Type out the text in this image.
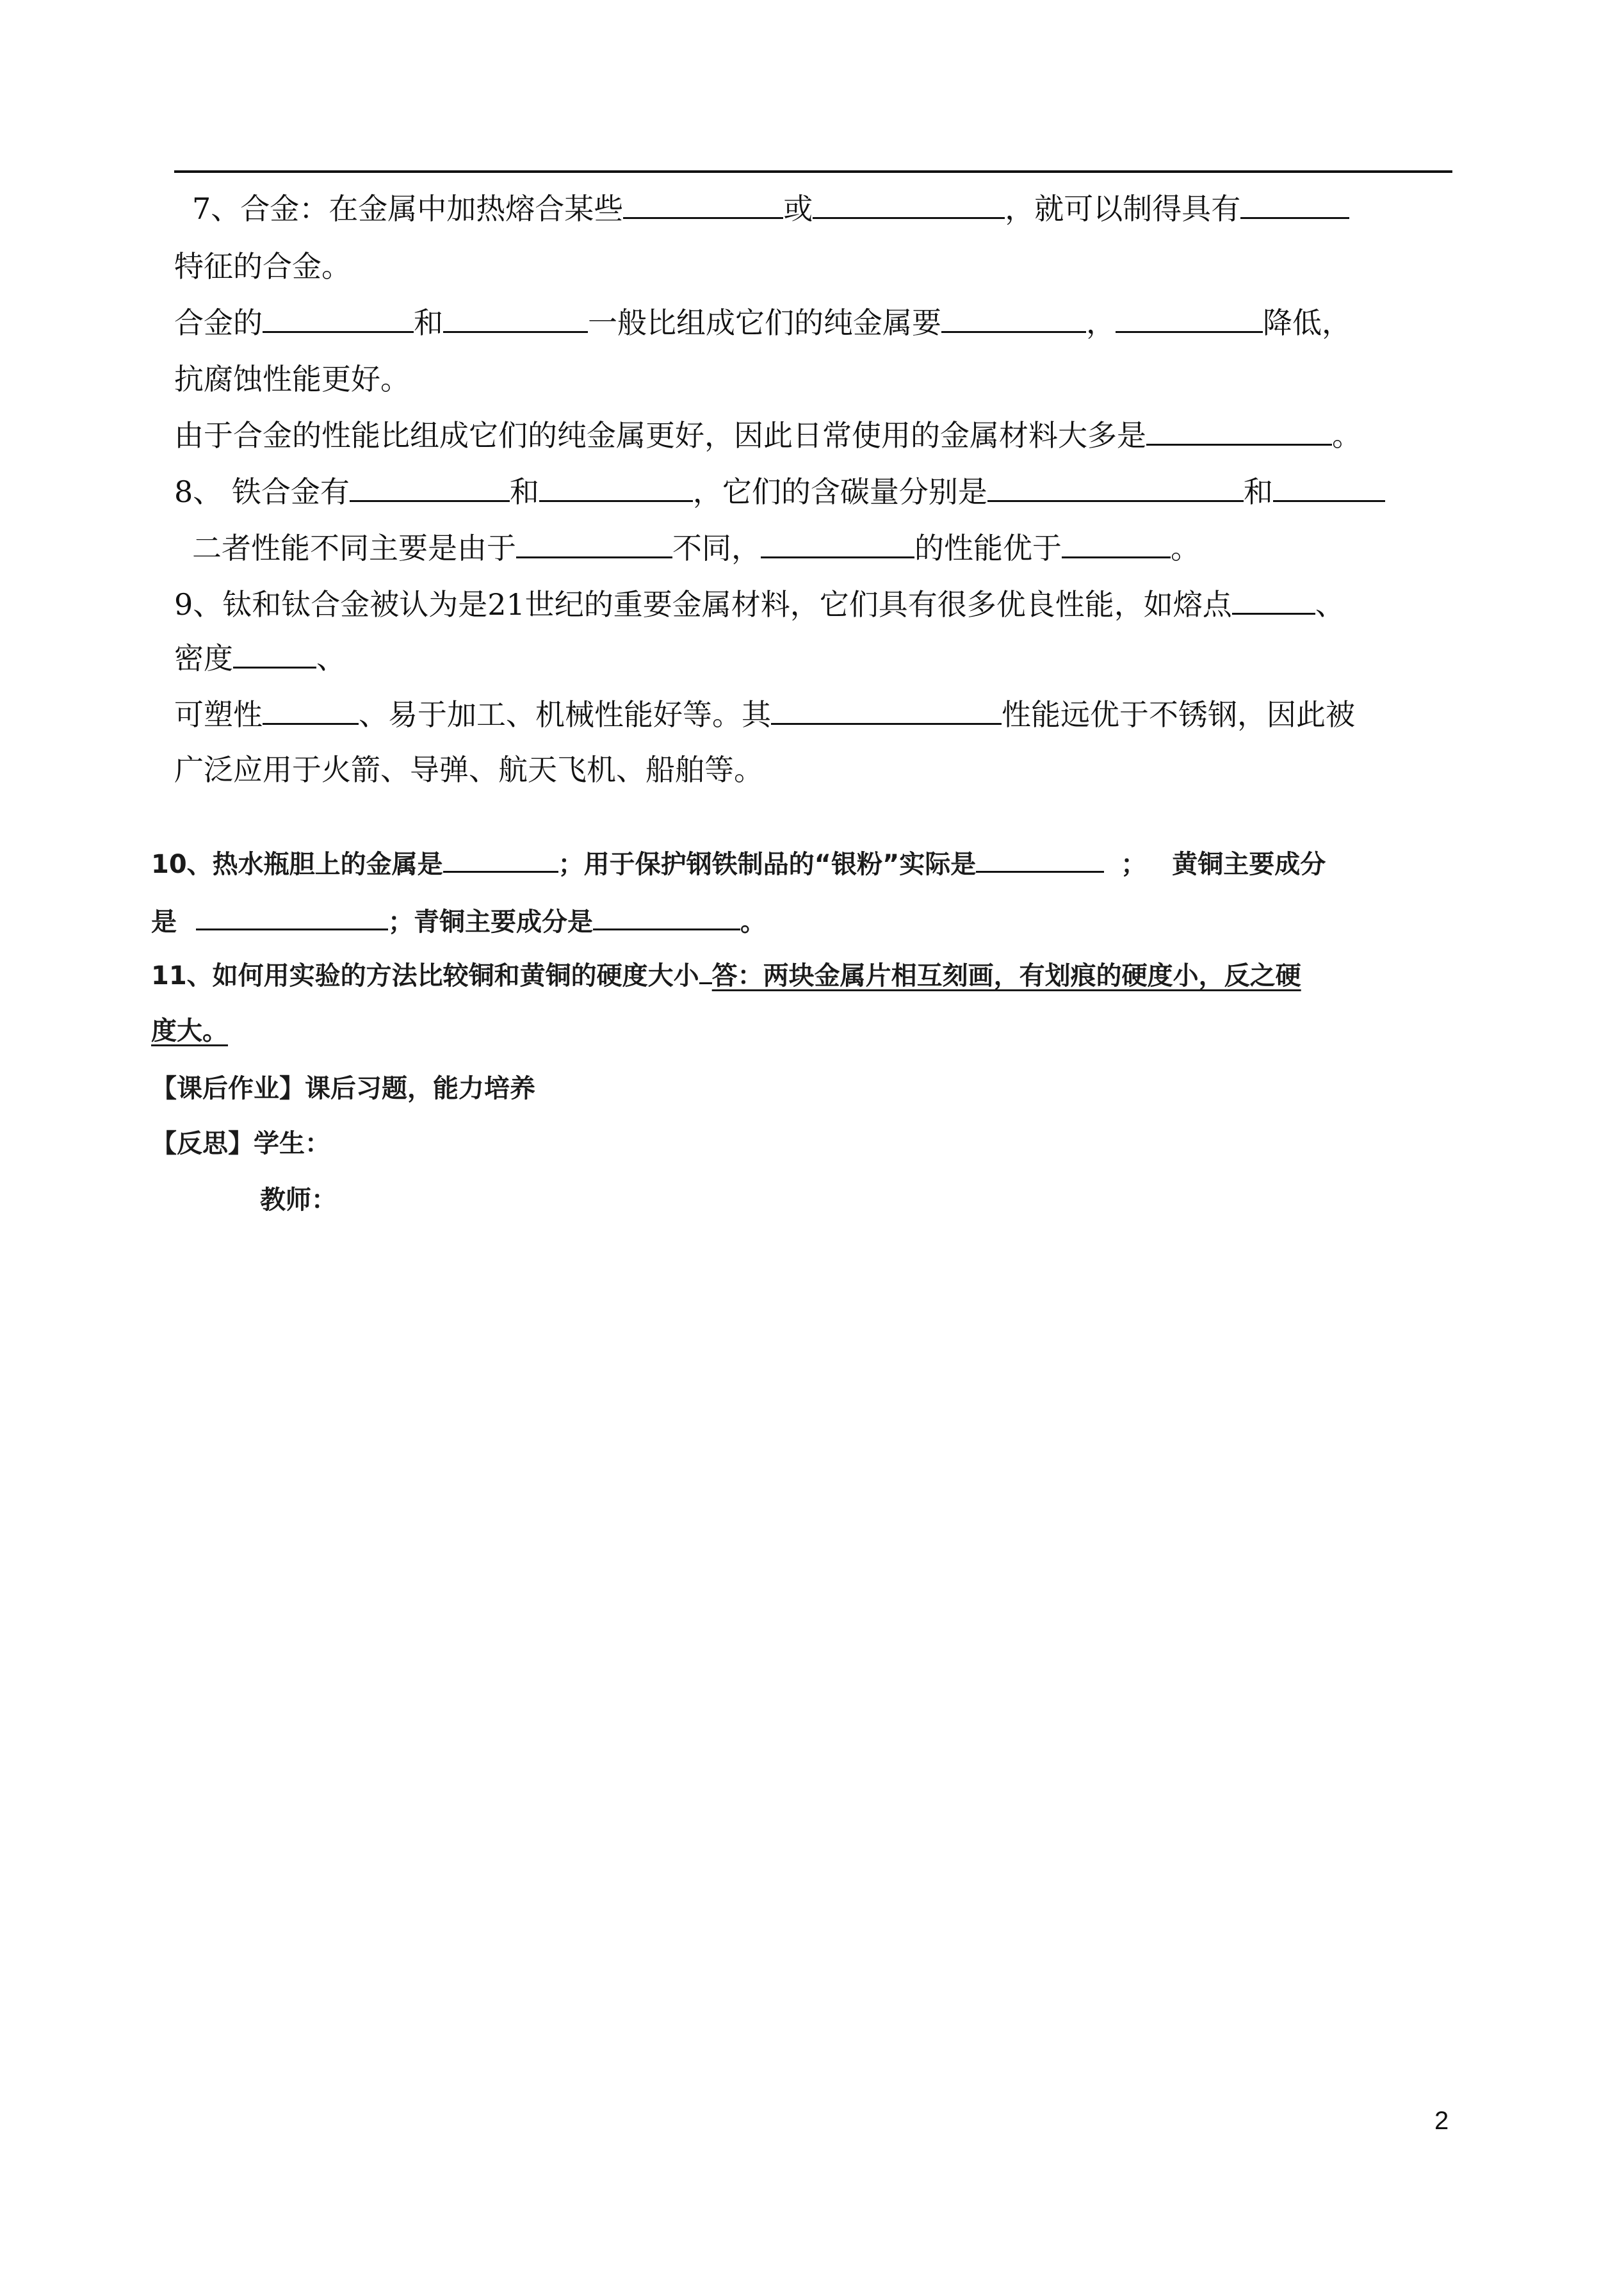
7、合金：在金属中加热熔合某些	或	，就可以制得具有
特征的合金。
合金的	和	一般比组成它们的纯金属要	，	降低，
抗腐蚀性能更好。
由于合金的性能比组成它们的纯金属更好，因此日常使用的金属材料大多是	。
8、 铁合金有	和	，它们的含碳量分别是	和
二者性能不同主要是由于	不同，	的性能优于	。
9、钛和钛合金被认为是21世纪的重要金属材料，它们具有很多优良性能，如熔点	、
密度	、
可塑性	、易于加工、机械性能好等。其	性能远优于不锈钢，因此被
广泛应用于火箭、导弹、航天飞机、船舶等。
10、热水瓶胆上的金属是	；用于保护钢铁制品的“银粉”实际是	； 黄铜主要成分
是	；青铜主要成分是	。
11、如何用实验的方法比较铜和黄铜的硬度大小 答：两块金属片相互刻画，有划痕的硬度小，反之硬
度大。
【课后作业】课后习题，能力培养
【反思】学生：
教师：
2
